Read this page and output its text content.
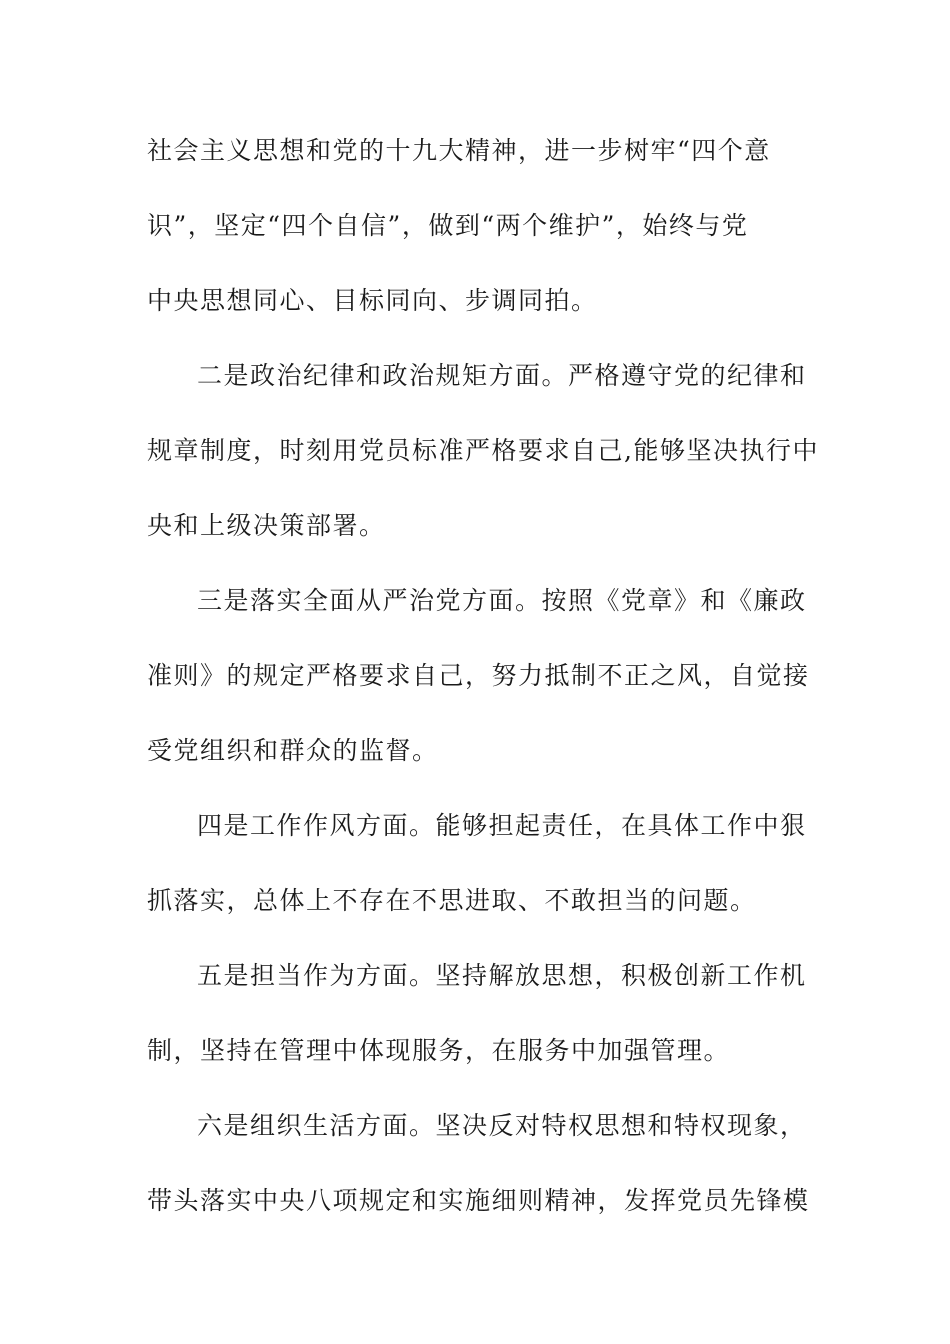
社会主义思想和党的十九大精神，进一步树牢“四个意
识”，坚定“四个自信”，做到“两个维护”，始终与党
中央思想同心、目标同向、步调同拍。
二是政治纪律和政治规矩方面。严格遵守党的纪律和
规章制度，时刻用党员标准严格要求自己,能够坚决执行中
央和上级决策部署。
三是落实全面从严治党方面。按照《党章》和《廉政
准则》的规定严格要求自己，努力抵制不正之风，自觉接
受党组织和群众的监督。
四是工作作风方面。能够担起责任，在具体工作中狠
抓落实，总体上不存在不思进取、不敢担当的问题。
五是担当作为方面。坚持解放思想，积极创新工作机
制，坚持在管理中体现服务，在服务中加强管理。
六是组织生活方面。坚决反对特权思想和特权现象，
带头落实中央八项规定和实施细则精神，发挥党员先锋模
